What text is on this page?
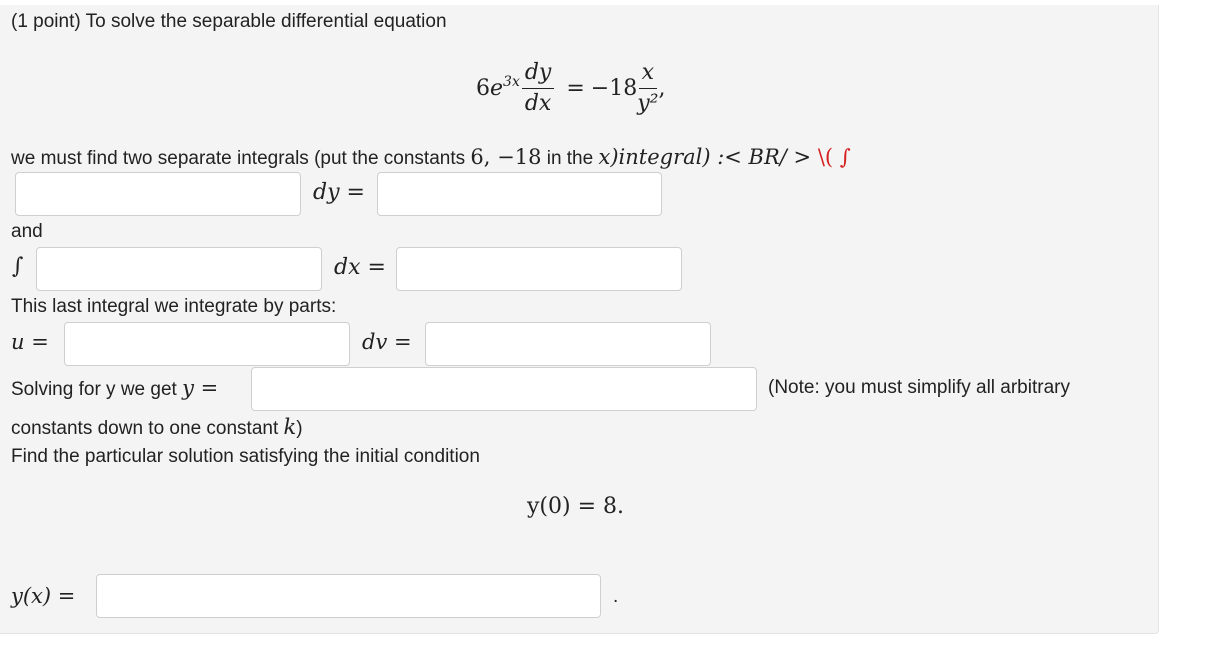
(1 point) To solve the separable differential equation
6 $e^{3x} \frac{dy}{dx} = -18 \frac{x}{\text{y²}}$ ,
we must find two separate integrals (put the constants 6, −18 in the x)integral) :< BR/ > \( ∫
dy =
and
∫	dx =
This last integral we integrate by parts:
u =	dv =
Solving for y we get y =	(Note: you must simplify all arbitrary
constants down to one constant k)
Find the particular solution satisfying the initial condition
y(0) = 8.
y(x) =	.
